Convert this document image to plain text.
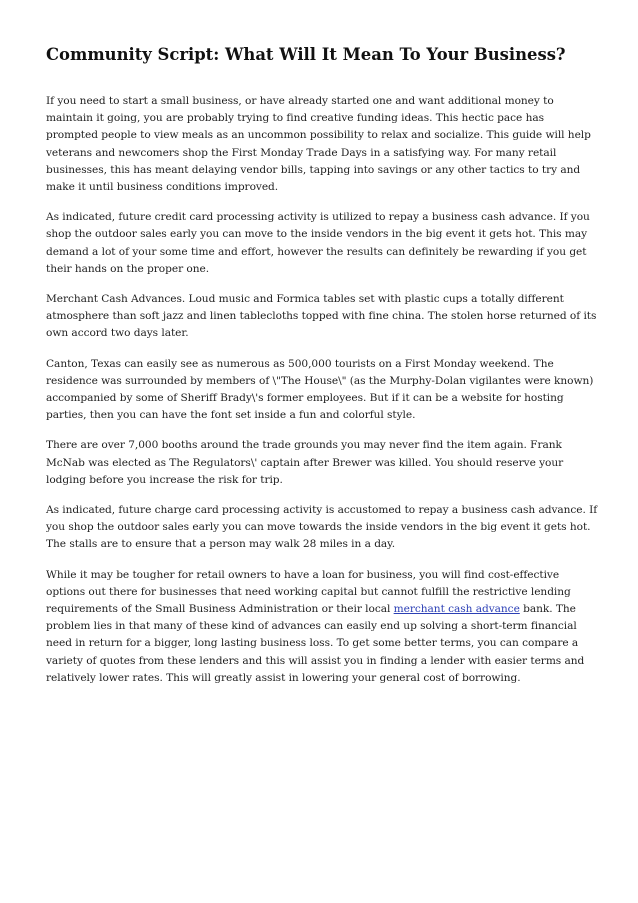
Community Script: What Will It Mean To Your Business?

If you need to start a small business, or have already started one and want additional money to maintain it going, you are probably trying to find creative funding ideas. This hectic pace has prompted people to view meals as an uncommon possibility to relax and socialize. This guide will help veterans and newcomers shop the First Monday Trade Days in a satisfying way. For many retail businesses, this has meant delaying vendor bills, tapping into savings or any other tactics to try and make it until business conditions improved.

As indicated, future credit card processing activity is utilized to repay a business cash advance. If you shop the outdoor sales early you can move to the inside vendors in the big event it gets hot. This may demand a lot of your some time and effort, however the results can definitely be rewarding if you get their hands on the proper one.

Merchant Cash Advances. Loud music and Formica tables set with plastic cups a totally different atmosphere than soft jazz and linen tablecloths topped with fine china. The stolen horse returned of its own accord two days later.

Canton, Texas can easily see as numerous as 500,000 tourists on a First Monday weekend. The residence was surrounded by members of \"The House\" (as the Murphy-Dolan vigilantes were known) accompanied by some of Sheriff Brady\'s former employees. But if it can be a website for hosting parties, then you can have the font set inside a fun and colorful style.

There are over 7,000 booths around the trade grounds you may never find the item again. Frank McNab was elected as The Regulators\' captain after Brewer was killed. You should reserve your lodging before you increase the risk for trip.

As indicated, future charge card processing activity is accustomed to repay a business cash advance. If you shop the outdoor sales early you can move towards the inside vendors in the big event it gets hot. The stalls are to ensure that a person may walk 28 miles in a day.

While it may be tougher for retail owners to have a loan for business, you will find cost-effective options out there for businesses that need working capital but cannot fulfill the restrictive lending requirements of the Small Business Administration or their local merchant cash advance bank. The problem lies in that many of these kind of advances can easily end up solving a short-term financial need in return for a bigger, long lasting business loss. To get some better terms, you can compare a variety of quotes from these lenders and this will assist you in finding a lender with easier terms and relatively lower rates. This will greatly assist in lowering your general cost of borrowing.
